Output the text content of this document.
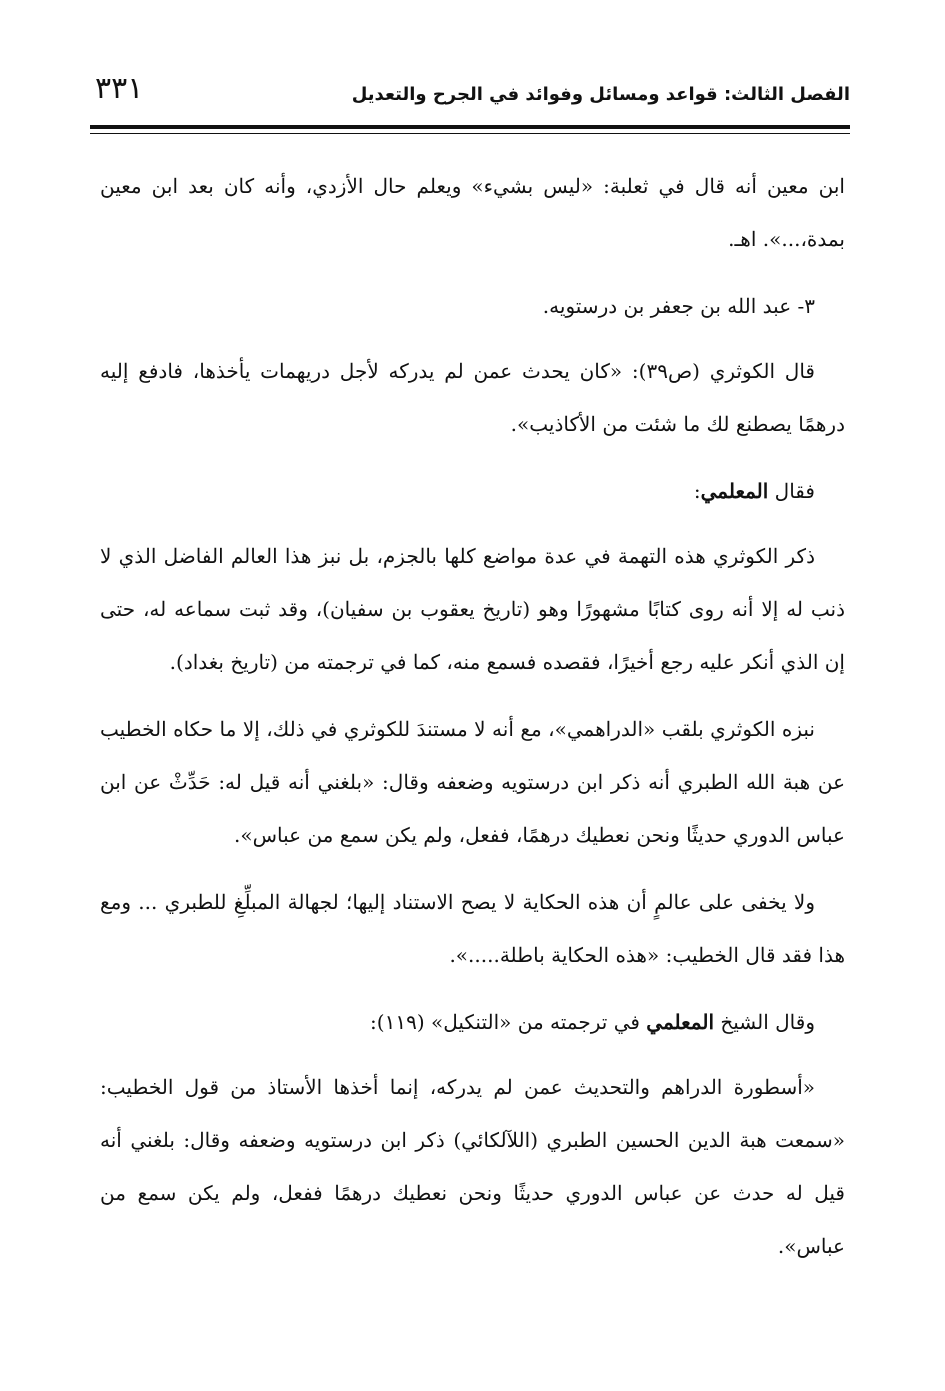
الفصل الثالث: قواعد ومسائل وفوائد في الجرح والتعديل
٣٣١

ابن معين أنه قال في ثعلبة: «ليس بشيء» ويعلم حال الأزدي، وأنه كان بعد ابن معين بمدة،...». اهـ.

٣- عبد الله بن جعفر بن درستويه.

قال الكوثري (ص٣٩): «كان يحدث عمن لم يدركه لأجل دريهمات يأخذها، فادفع إليه درهمًا يصطنع لك ما شئت من الأكاذيب».

فقال المعلمي:

ذكر الكوثري هذه التهمة في عدة مواضع كلها بالجزم، بل نبز هذا العالم الفاضل الذي لا ذنب له إلا أنه روى كتابًا مشهورًا وهو (تاريخ يعقوب بن سفيان)، وقد ثبت سماعه له، حتى إن الذي أنكر عليه رجع أخيرًا، فقصده فسمع منه، كما في ترجمته من (تاريخ بغداد).

نبزه الكوثري بلقب «الدراهمي»، مع أنه لا مستندَ للكوثري في ذلك، إلا ما حكاه الخطيب عن هبة الله الطبري أنه ذكر ابن درستويه وضعفه وقال: «بلغني أنه قيل له: حَدِّثْ عن ابن عباس الدوري حديثًا ونحن نعطيك درهمًا، ففعل، ولم يكن سمع من عباس».

ولا يخفى على عالمٍ أن هذه الحكاية لا يصح الاستناد إليها؛ لجهالة المبلِّغِ للطبري ... ومع هذا فقد قال الخطيب: «هذه الحكاية باطلة.....».

وقال الشيخ المعلمي في ترجمته من «التنكيل» (١١٩):

«أسطورة الدراهم والتحديث عمن لم يدركه، إنما أخذها الأستاذ من قول الخطيب: «سمعت هبة الدين الحسين الطبري (اللآلكائي) ذكر ابن درستويه وضعفه وقال: بلغني أنه قيل له حدث عن عباس الدوري حديثًا ونحن نعطيك درهمًا ففعل، ولم يكن سمع من عباس».
